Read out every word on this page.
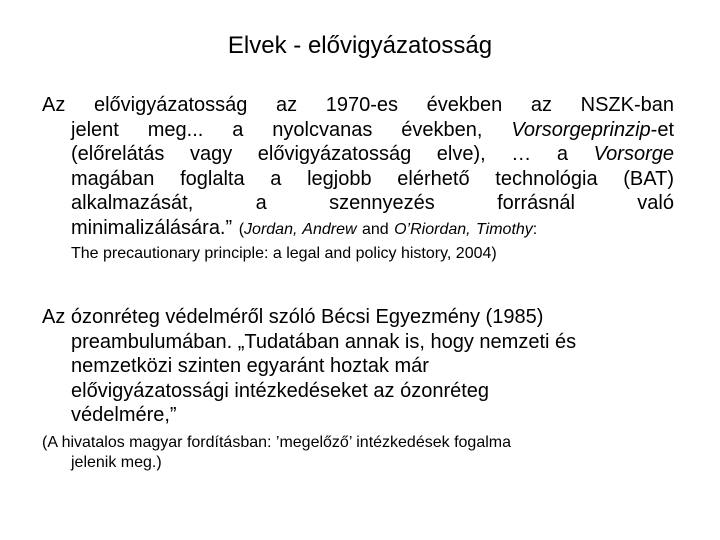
Elvek - elővigyázatosság
Az elővigyázatosság az 1970-es években az NSZK-ban
jelent meg... a nyolcvanas években, Vorsorgeprinzip-et
(előrelátás vagy elővigyázatosság elve), … a Vorsorge
magában foglalta a legjobb elérhető technológia (BAT)
alkalmazását, a szennyezés forrásnál való
minimalizálására.” (Jordan, Andrew and O’Riordan, Timothy:
The precautionary principle: a legal and policy history, 2004)
Az ózonréteg védelméről szóló Bécsi Egyezmény (1985)
preambulumában. „Tudatában annak is, hogy nemzeti és
nemzetközi szinten egyaránt hoztak már
elővigyázatossági intézkedéseket az ózonréteg
védelmére,”
(A hivatalos magyar fordításban: ’megelőző’ intézkedések fogalma
jelenik meg.)
